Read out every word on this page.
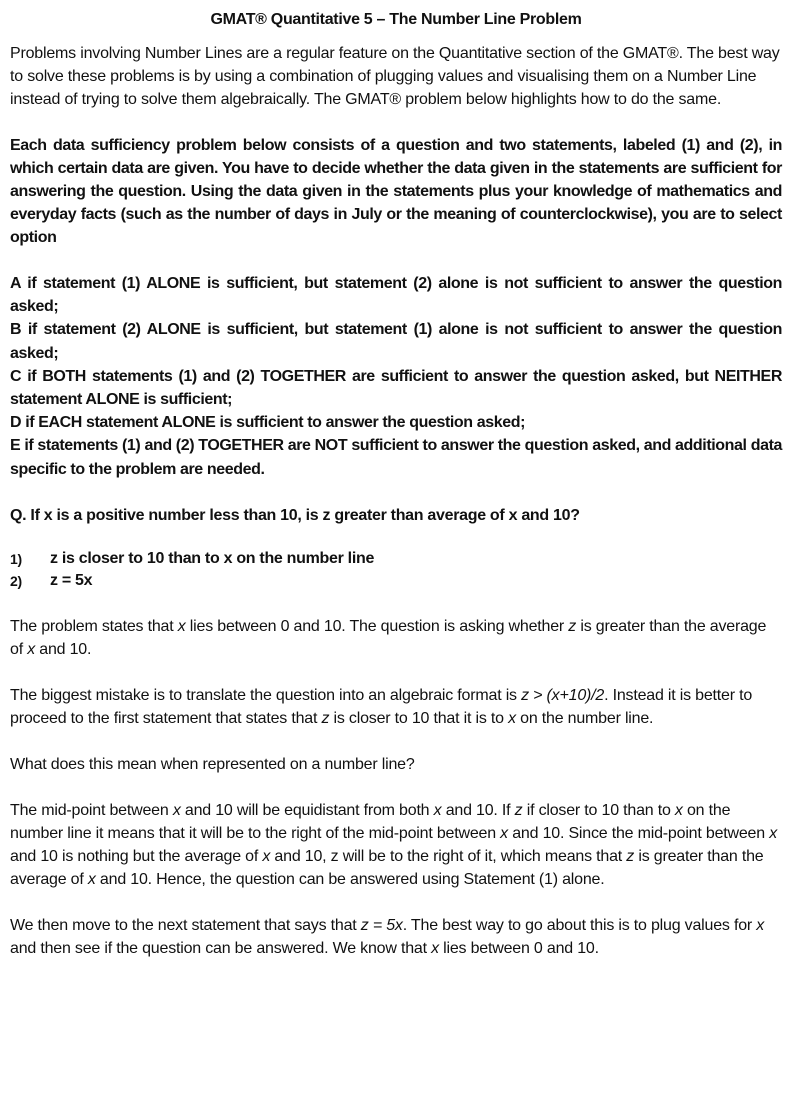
GMAT® Quantitative 5 – The Number Line Problem

Problems involving Number Lines are a regular feature on the Quantitative section of the GMAT®. The best way to solve these problems is by using a combination of plugging values and visualising them on a Number Line instead of trying to solve them algebraically. The GMAT® problem below highlights how to do the same.

Each data sufficiency problem below consists of a question and two statements, labeled (1) and (2), in which certain data are given. You have to decide whether the data given in the statements are sufficient for answering the question. Using the data given in the statements plus your knowledge of mathematics and everyday facts (such as the number of days in July or the meaning of counterclockwise), you are to select option

A if statement (1) ALONE is sufficient, but statement (2) alone is not sufficient to answer the question asked;
B if statement (2) ALONE is sufficient, but statement (1) alone is not sufficient to answer the question asked;
C if BOTH statements (1) and (2) TOGETHER are sufficient to answer the question asked, but NEITHER statement ALONE is sufficient;
D if EACH statement ALONE is sufficient to answer the question asked;
E if statements (1) and (2) TOGETHER are NOT sufficient to answer the question asked, and additional data specific to the problem are needed.

Q. If x is a positive number less than 10, is z greater than average of x and 10?

1)	z is closer to 10 than to x on the number line
2)	z = 5x

The problem states that x lies between 0 and 10. The question is asking whether z is greater than the average of x and 10.

The biggest mistake is to translate the question into an algebraic format is z > (x+10)/2. Instead it is better to proceed to the first statement that states that z is closer to 10 that it is to x on the number line.

What does this mean when represented on a number line?

The mid-point between x and 10 will be equidistant from both x and 10. If z if closer to 10 than to x on the number line it means that it will be to the right of the mid-point between x and 10. Since the mid-point between x and 10 is nothing but the average of x and 10, z will be to the right of it, which means that z is greater than the average of x and 10. Hence, the question can be answered using Statement (1) alone.

We then move to the next statement that says that z = 5x. The best way to go about this is to plug values for x and then see if the question can be answered. We know that x lies between 0 and 10.
